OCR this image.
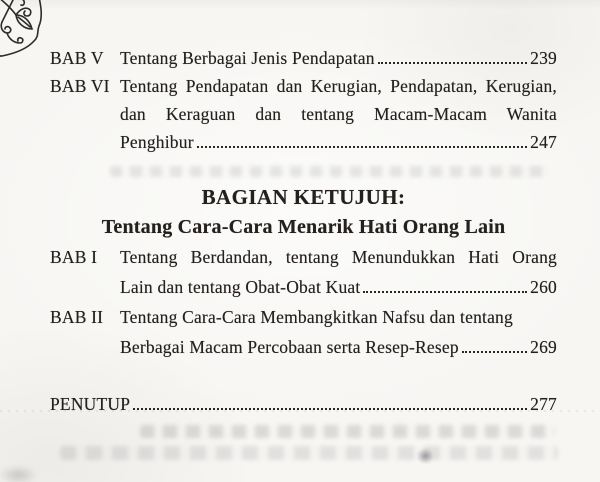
BAB V Tentang Berbagai Jenis Pendapatan	239
BAB VI Tentang Pendapatan dan Kerugian, Pendapatan, Kerugian,
dan Keraguan dan tentang Macam-Macam Wanita
Penghibur	247
BAGIAN KETUJUH:
Tentang Cara-Cara Menarik Hati Orang Lain
BAB I	Tentang Berdandan, tentang Menundukkan Hati Orang
Lain dan tentang Obat-Obat Kuat	260
BAB II Tentang Cara-Cara Membangkitkan Nafsu dan tentang
Berbagai Macam Percobaan serta Resep-Resep	269
PENUTUP	277
